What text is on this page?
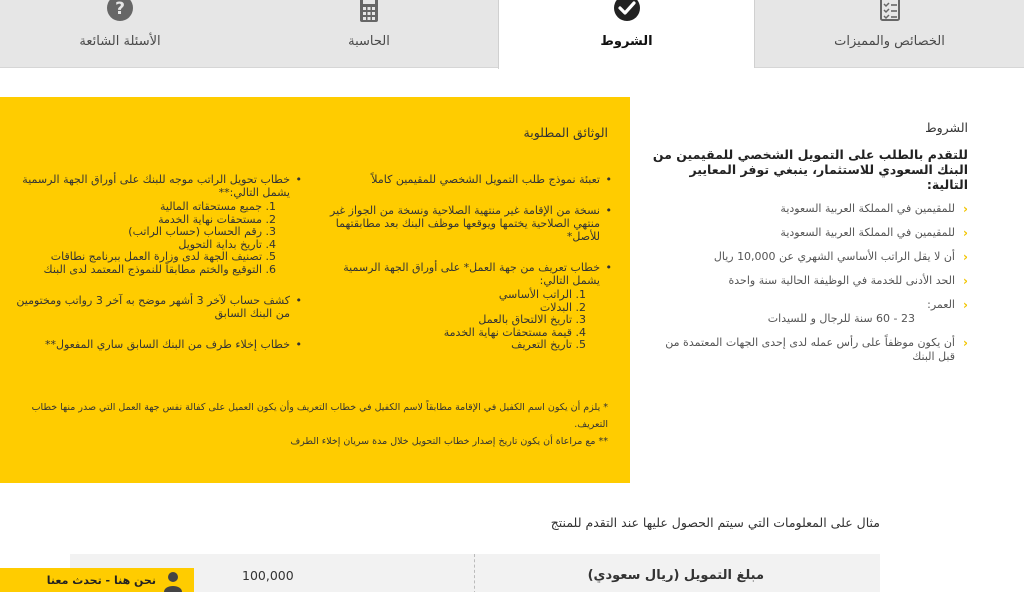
الخصائص والمميزات
الشروط
الحاسبة
?
الأسئلة الشائعة
الشروط
للتقدم بالطلب على التمويل الشخصي للمقيمين من البنك السعودي للاستثمار، ينبغي توفر المعايير التالية:
‹
للمقيمين في المملكة العربية السعودية
‹
للمقيمين في المملكة العربية السعودية
‹
أن لا يقل الراتب الأساسي الشهري عن 10,000 ريال
‹
الحد الأدنى للخدمة في الوظيفة الحالية سنة واحدة
‹
العمر:
23 - 60 سنة للرجال و للسيدات
‹
أن يكون موظفاً على رأس عمله لدى إحدى الجهات المعتمدة من قبل البنك
الوثائق المطلوبة
• تعبئة نموذج طلب التمويل الشخصي للمقيمين كاملاً
• نسخة من الإقامة غير منتهية الصلاحية ونسخة من الجواز غير منتهي الصلاحية يختمها ويوقعها موظف البنك بعد مطابقتهما للأصل*
• خطاب تعريف من جهة العمل* على أوراق الجهة الرسمية يشمل التالي:
1. الراتب الأساسي
2. البدلات
3. تاريخ الالتحاق بالعمل
4. قيمة مستحقات نهاية الخدمة
5. تاريخ التعريف
• خطاب تحويل الراتب موجه للبنك على أوراق الجهة الرسمية يشمل التالي:**
1. جميع مستحقاته المالية
2. مستحقات نهاية الخدمة
3. رقم الحساب (حساب الراتب)
4. تاريخ بداية التحويل
5. تصنيف الجهة لدى وزارة العمل ببرنامج نطاقات
6. التوقيع والختم مطابقاً للنموذج المعتمد لدى البنك
• كشف حساب لآخر 3 أشهر موضح به آخر 3 رواتب ومختومين من البنك السابق
• خطاب إخلاء طرف من البنك السابق ساري المفعول**

* يلزم أن يكون اسم الكفيل في الإقامة مطابقاً لاسم الكفيل في خطاب التعريف وأن يكون العميل على كفالة نفس جهة العمل التي صدر منها خطاب التعريف.

** مع مراعاة أن يكون تاريخ إصدار خطاب التحويل خلال مدة سريان إخلاء الطرف

مثال على المعلومات التي سيتم الحصول عليها عند التقدم للمنتج
مبلغ التمويل (ريال سعودي)
100,000
نحن هنا - تحدث معنا
